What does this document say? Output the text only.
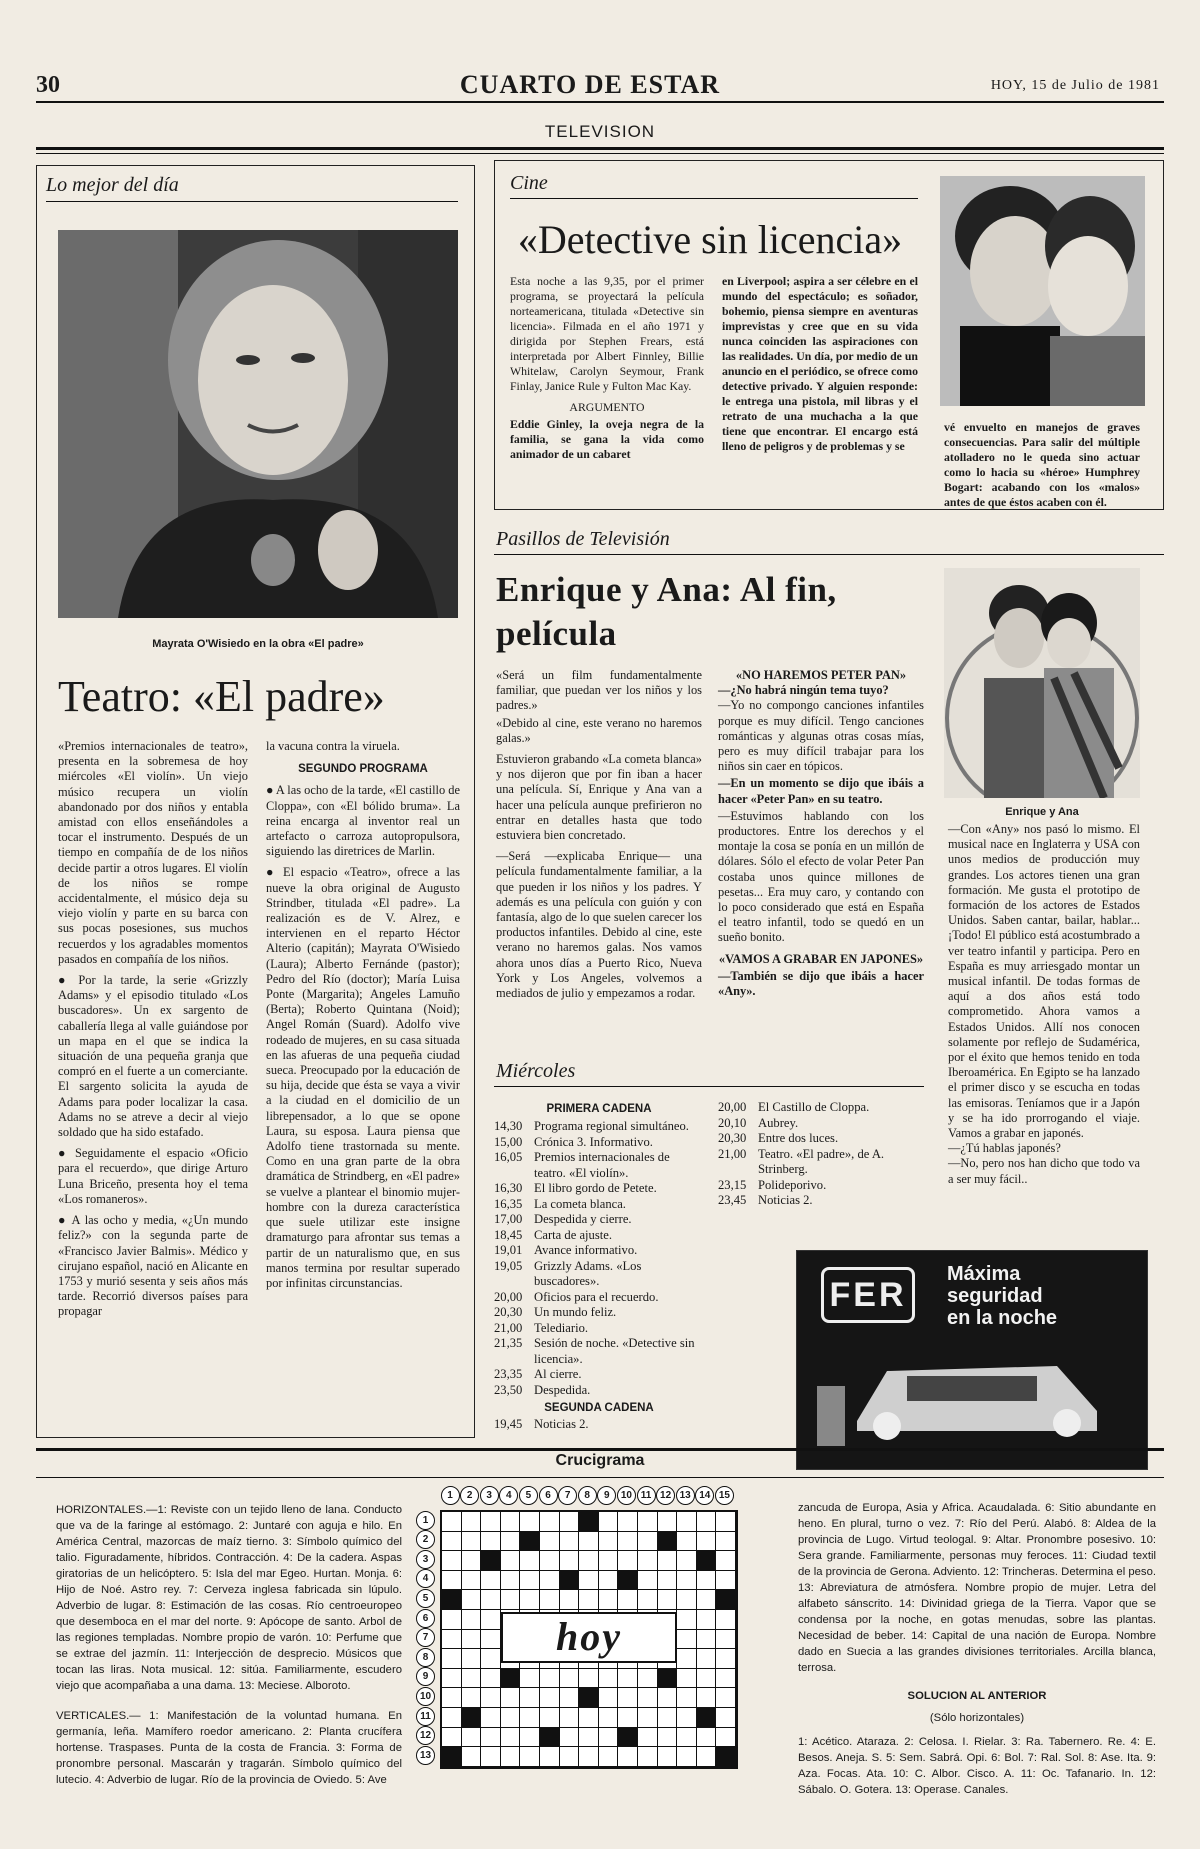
30	CUARTO DE ESTAR	HOY, 15 de Julio de 1981
TELEVISION
Lo mejor del día
Mayrata O'Wisiedo en la obra «El padre»
Teatro: «El padre»

«Premios internacionales de teatro», presenta en la sobremesa de hoy miércoles «El violín». Un viejo músico recupera un violín abandonado por dos niños y entabla amistad con ellos enseñándoles a tocar el instrumento. Después de un tiempo en compañía de de los niños decide partir a otros lugares. El violín de los niños se rompe accidentalmente, el músico deja su viejo violín y parte en su barca con sus pocas posesiones, sus muchos recuerdos y los agradables momentos pasados en compañía de los niños.

● Por la tarde, la serie «Grizzly Adams» y el episodio titulado «Los buscadores». Un ex sargento de caballería llega al valle guiándose por un mapa en el que se indica la situación de una pequeña granja que compró en el fuerte a un comerciante. El sargento solicita la ayuda de Adams para poder localizar la casa. Adams no se atreve a decir al viejo soldado que ha sido estafado.

● Seguidamente el espacio «Oficio para el recuerdo», que dirige Arturo Luna Briceño, presenta hoy el tema «Los romaneros».

● A las ocho y media, «¿Un mundo feliz?» con la segunda parte de «Francisco Javier Balmis». Médico y cirujano español, nació en Alicante en 1753 y murió sesenta y seis años más tarde. Recorrió diversos países para propagar

la vacuna contra la viruela.

SEGUNDO PROGRAMA

● A las ocho de la tarde, «El castillo de Cloppa», con «El bólido bruma». La reina encarga al inventor real un artefacto o carroza autopropulsora, siguiendo las diretrices de Marlin.

● El espacio «Teatro», ofrece a las nueve la obra original de Augusto Strindber, titulada «El padre». La realización es de V. Alrez, e intervienen en el reparto Héctor Alterio (capitán); Mayrata O'Wisiedo (Laura); Alberto Fernánde (pastor); Pedro del Río (doctor); María Luisa Ponte (Margarita); Angeles Lamuño (Berta); Roberto Quintana (Noid); Angel Román (Suard). Adolfo vive rodeado de mujeres, en su casa situada en las afueras de una pequeña ciudad sueca. Preocupado por la educación de su hija, decide que ésta se vaya a vivir a la ciudad en el domicilio de un librepensador, a lo que se opone Laura, su esposa. Laura piensa que Adolfo tiene trastornada su mente. Como en una gran parte de la obra dramática de Strindberg, en «El padre» se vuelve a plantear el binomio mujer-hombre con la dureza característica que suele utilizar este insigne dramaturgo para afrontar sus temas a partir de un naturalismo que, en sus manos termina por resultar superado por infinitas circunstancias.

Cine
«Detective sin licencia»

Esta noche a las 9,35, por el primer programa, se proyectará la película norteamericana, titulada «Detective sin licencia». Filmada en el año 1971 y dirigida por Stephen Frears, está interpretada por Albert Finnley, Billie Whitelaw, Carolyn Seymour, Frank Finlay, Janice Rule y Fulton Mac Kay.

ARGUMENTO

Eddie Ginley, la oveja negra de la familia, se gana la vida como animador de un cabaret

en Liverpool; aspira a ser célebre en el mundo del espectáculo; es soñador, bohemio, piensa siempre en aventuras imprevistas y cree que en su vida nunca coinciden las aspiraciones con las realidades. Un día, por medio de un anuncio en el periódico, se ofrece como detective privado. Y alguien responde: le entrega una pistola, mil libras y el retrato de una muchacha a la que tiene que encontrar. El encargo está lleno de peligros y de problemas y se

vé envuelto en manejos de graves consecuencias. Para salir del múltiple atolladero no le queda sino actuar como lo hacia su «héroe» Humphrey Bogart: acabando con los «malos» antes de que éstos acaben con él.

Pasillos de Televisión
Enrique y Ana: Al fin, película

«Será un film fundamentalmente familiar, que puedan ver los niños y los padres.»

«Debido al cine, este verano no haremos galas.»

Estuvieron grabando «La cometa blanca» y nos dijeron que por fin iban a hacer una película. Sí, Enrique y Ana van a hacer una película aunque prefirieron no entrar en detalles hasta que todo estuviera bien concretado.

—Será —explicaba Enrique— una película fundamentalmente familiar, a la que pueden ir los niños y los padres. Y además es una película con guión y con fantasía, algo de lo que suelen carecer los productos infantiles. Debido al cine, este verano no haremos galas. Nos vamos ahora unos días a Puerto Rico, Nueva York y Los Angeles, volvemos a mediados de julio y empezamos a rodar.

«NO HAREMOS PETER PAN»

—¿No habrá ningún tema tuyo?

—Yo no compongo canciones infantiles porque es muy difícil. Tengo canciones románticas y algunas otras cosas mías, pero es muy difícil trabajar para los niños sin caer en tópicos.

—En un momento se dijo que ibáis a hacer «Peter Pan» en su teatro.

—Estuvimos hablando con los productores. Entre los derechos y el montaje la cosa se ponía en un millón de dólares. Sólo el efecto de volar Peter Pan costaba unos quince millones de pesetas... Era muy caro, y contando con lo poco considerado que está en España el teatro infantil, todo se quedó en un sueño bonito.

«VAMOS A GRABAR EN JAPONES»

—También se dijo que ibáis a hacer «Any».

Enrique y Ana

—Con «Any» nos pasó lo mismo. El musical nace en Inglaterra y USA con unos medios de producción muy grandes. Los actores tienen una gran formación. Me gusta el prototipo de formación de los actores de Estados Unidos. Saben cantar, bailar, hablar... ¡Todo! El público está acostumbrado a ver teatro infantil y participa. Pero en España es muy arriesgado montar un musical infantil. De todas formas de aquí a dos años está todo comprometido. Ahora vamos a Estados Unidos. Allí nos conocen solamente por reflejo de Sudamérica, por el éxito que hemos tenido en toda Iberoamérica. En Egipto se ha lanzado el primer disco y se escucha en todas las emisoras. Teníamos que ir a Japón y se ha ido prorrogando el viaje. Vamos a grabar en japonés.

—¿Tú hablas japonés?

—No, pero nos han dicho que todo va a ser muy fácil..

Miércoles
PRIMERA CADENA
14,30 Programa regional simultáneo.
15,00 Crónica 3. Informativo.
16,05 Premios internacionales de teatro. «El violín».
16,30 El libro gordo de Petete.
16,35 La cometa blanca.
17,00 Despedida y cierre.
18,45 Carta de ajuste.
19,01 Avance informativo.
19,05 Grizzly Adams. «Los buscadores».
20,00 Oficios para el recuerdo.
20,30 Un mundo feliz.
21,00 Telediario.
21,35 Sesión de noche. «Detective sin licencia».
23,35 Al cierre.
23,50 Despedida.
SEGUNDA CADENA
19,45 Noticias 2.
20,00 El Castillo de Cloppa.
20,10 Aubrey.
20,30 Entre dos luces.
21,00 Teatro. «El padre», de A. Strinberg.
23,15 Polideporivo.
23,45 Noticias 2.
FER
Máxima
seguridad
en la noche
Crucigrama

HORIZONTALES.—1: Reviste con un tejido lleno de lana. Conducto que va de la faringe al estómago. 2: Juntaré con aguja e hilo. En América Central, mazorcas de maíz tierno. 3: Símbolo químico del talio. Figuradamente, híbridos. Contracción. 4: De la cadera. Aspas giratorias de un helicóptero. 5: Isla del mar Egeo. Hurtan. Monja. 6: Hijo de Noé. Astro rey. 7: Cerveza inglesa fabricada sin lúpulo. Adverbio de lugar. 8: Estimación de las cosas. Río centroeuropeo que desemboca en el mar del norte. 9: Apócope de santo. Arbol de las regiones templadas. Nombre propio de varón. 10: Perfume que se extrae del jazmín. 11: Interjección de desprecio. Músicos que tocan las liras. Nota musical. 12: sitúa. Familiarmente, escudero viejo que acompañaba a una dama. 13: Meciese. Alboroto.

VERTICALES.— 1: Manifestación de la voluntad humana. En germanía, leña. Mamífero roedor americano. 2: Planta crucífera hortense. Traspases. Punta de la costa de Francia. 3: Forma de pronombre personal. Mascarán y tragarán. Símbolo químico del lutecio. 4: Adverbio de lugar. Río de la provincia de Oviedo. 5: Ave

1	2	3	4	5	6	7	8	9	10 11 12 13 14 15
1
2
3
4
5
6
7
8
9
10
11
12
13
hoy

zancuda de Europa, Asia y Africa. Acaudalada. 6: Sitio abundante en heno. En plural, turno o vez. 7: Río del Perú. Alabó. 8: Aldea de la provincia de Lugo. Virtud teologal. 9: Altar. Pronombre posesivo. 10: Sera grande. Familiarmente, personas muy feroces. 11: Ciudad textil de la provincia de Gerona. Adviento. 12: Trincheras. Determina el peso. 13: Abreviatura de atmósfera. Nombre propio de mujer. Letra del alfabeto sánscrito. 14: Divinidad griega de la Tierra. Vapor que se condensa por la noche, en gotas menudas, sobre las plantas. Necesidad de beber. 14: Capital de una nación de Europa. Nombre dado en Suecia a las grandes divisiones territoriales. Arcilla blanca, terrosa.

SOLUCION AL ANTERIOR

(Sólo horizontales)

1: Acético. Ataraza. 2: Celosa. I. Rielar. 3: Ra. Tabernero. Re. 4: E. Besos. Aneja. S. 5: Sem. Sabrá. Opi. 6: Bol. 7: Ral. Sol. 8: Ase. Ita. 9: Aza. Focas. Ata. 10: C. Albor. Cisco. A. 11: Oc. Tafanario. In. 12: Sábalo. O. Gotera. 13: Operase. Canales.
